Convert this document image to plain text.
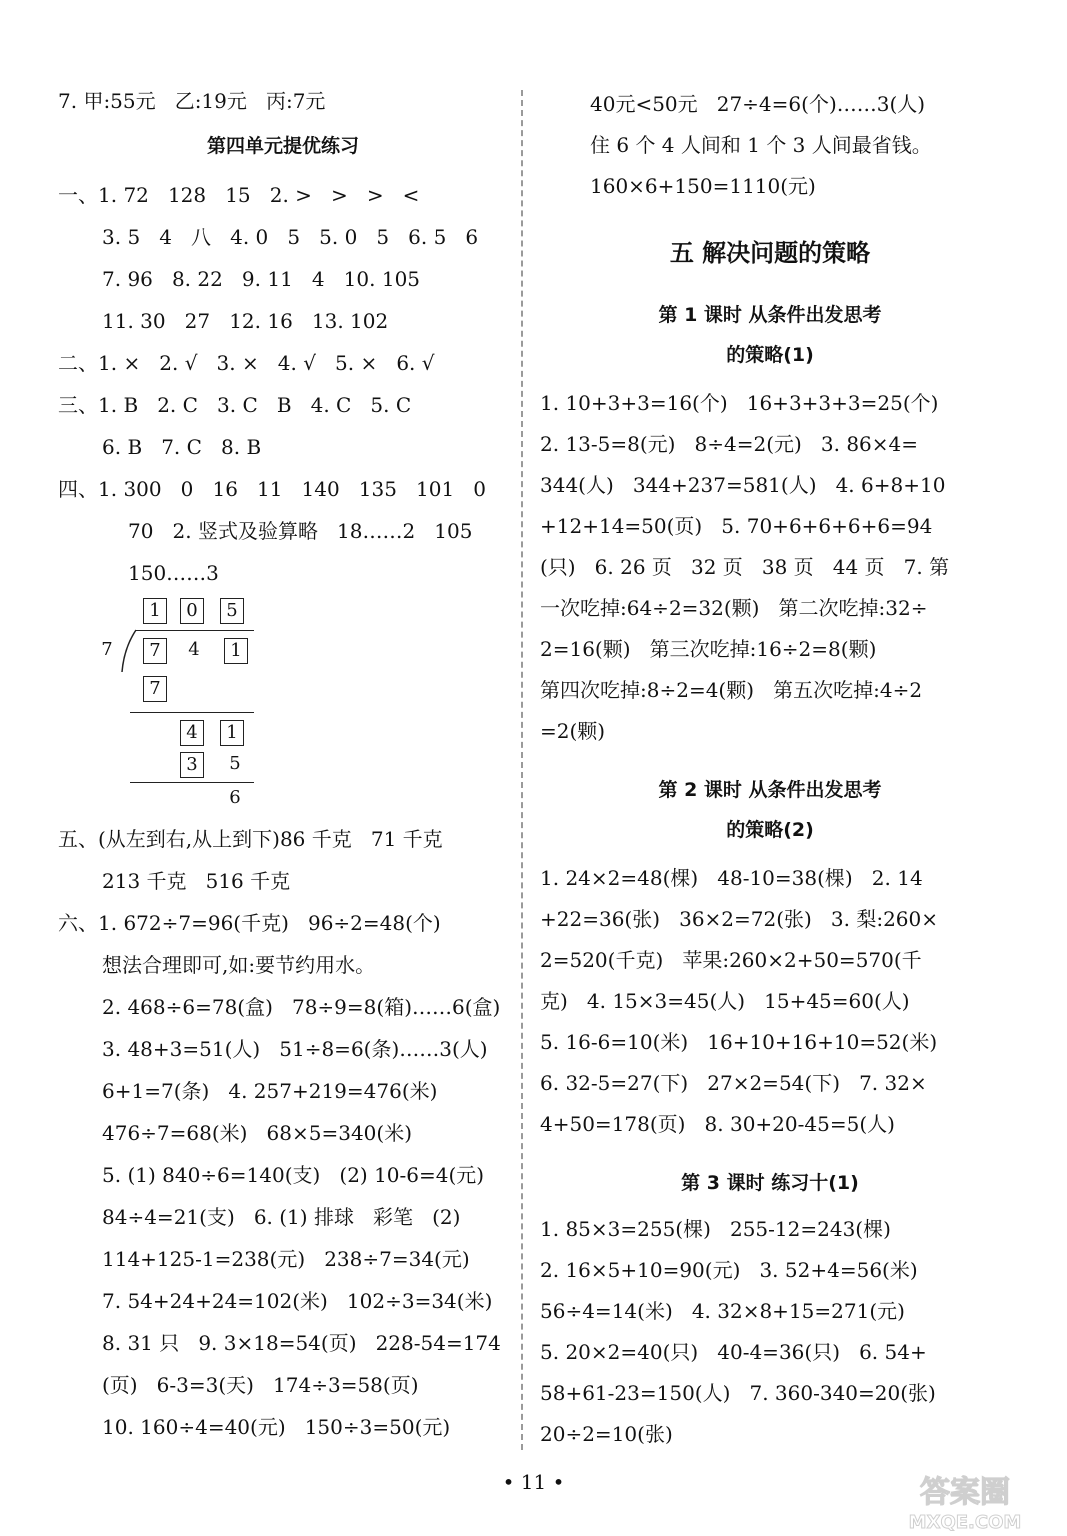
7. 甲:55元   乙:19元   丙:7元
第四单元提优练习
一、1. 72   128   15   2. >   >   >   <
3. 5   4   八   4. 0   5   5. 0   5   6. 5   6
7. 96   8. 22   9. 11   4   10. 105
11. 30   27   12. 16   13. 102
二、1. ×   2. √   3. ×   4. √   5. ×   6. √
三、1. B   2. C   3. C   B   4. C   5. C
6. B   7. C   8. B
四、1. 300   0   16   11   140   135   101   0
70   2. 竖式及验算略   18……2   105
150……3
1	0	5
7	7	4	1
7
4	1
3	5
6
五、(从左到右,从上到下)86 千克   71 千克
213 千克   516 千克
六、1. 672÷7=96(千克)   96÷2=48(个)
想法合理即可,如:要节约用水。
2. 468÷6=78(盒)   78÷9=8(箱)……6(盒)
3. 48+3=51(人)   51÷8=6(条)……3(人)
6+1=7(条)   4. 257+219=476(米)
476÷7=68(米)   68×5=340(米)
5. (1) 840÷6=140(支)   (2) 10-6=4(元)
84÷4=21(支)   6. (1) 排球   彩笔   (2)
114+125-1=238(元)   238÷7=34(元)
7. 54+24+24=102(米)   102÷3=34(米)
8. 31 只   9. 3×18=54(页)   228-54=174
(页)   6-3=3(天)   174÷3=58(页)
10. 160÷4=40(元)   150÷3=50(元)
40元<50元   27÷4=6(个)……3(人)
住 6 个 4 人间和 1 个 3 人间最省钱。
160×6+150=1110(元)
五 解决问题的策略
第 1 课时 从条件出发思考
的策略(1)
1. 10+3+3=16(个)   16+3+3+3=25(个)
2. 13-5=8(元)   8÷4=2(元)   3. 86×4=
344(人)   344+237=581(人)   4. 6+8+10
+12+14=50(页)   5. 70+6+6+6+6=94
(只)   6. 26 页   32 页   38 页   44 页   7. 第
一次吃掉:64÷2=32(颗)   第二次吃掉:32÷
2=16(颗)   第三次吃掉:16÷2=8(颗)
第四次吃掉:8÷2=4(颗)   第五次吃掉:4÷2
=2(颗)
第 2 课时 从条件出发思考
的策略(2)
1. 24×2=48(棵)   48-10=38(棵)   2. 14
+22=36(张)   36×2=72(张)   3. 梨:260×
2=520(千克)   苹果:260×2+50=570(千
克)   4. 15×3=45(人)   15+45=60(人)
5. 16-6=10(米)   16+10+16+10=52(米)
6. 32-5=27(下)   27×2=54(下)   7. 32×
4+50=178(页)   8. 30+20-45=5(人)
第 3 课时 练习十(1)
1. 85×3=255(棵)   255-12=243(棵)
2. 16×5+10=90(元)   3. 52+4=56(米)
56÷4=14(米)   4. 32×8+15=271(元)
5. 20×2=40(只)   40-4=36(只)   6. 54+
58+61-23=150(人)   7. 360-340=20(张)
20÷2=10(张)
• 11 •	答案圈
MXQE.COM
